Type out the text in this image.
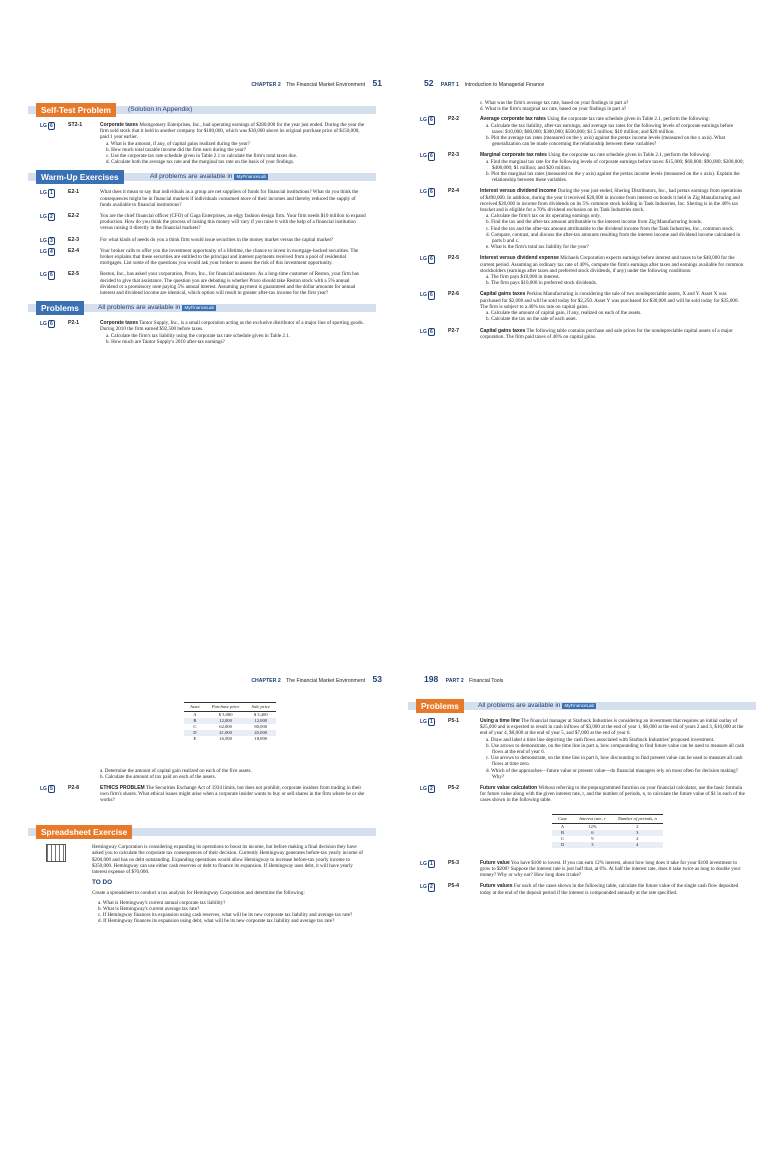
CHAPTER 2 The Financial Market Environment 51
Self-Test Problem	(Solution in Appendix)
LG 6	ST2-1	Corporate taxes Montgomery Enterprises, Inc., had operating earnings of $280,000 for the year just ended. During the year the firm sold stock that it held in another company for $180,000, which was $30,000 above its original purchase price of $150,000, paid 1 year earlier.
a. What is the amount, if any, of capital gains realized during the year?
b. How much total taxable income did the firm earn during the year?
c. Use the corporate tax rate schedule given in Table 2.1 to calculate the firm's total taxes due.
d. Calculate both the average tax rate and the marginal tax rate on the basis of your findings.
Warm-Up Exercises	All problems are available in MyFinanceLab
LG 1	E2-1	What does it mean to say that individuals as a group are net suppliers of funds for financial institutions? What do you think the consequences might be in financial markets if individuals consumed more of their incomes and thereby reduced the supply of funds available to financial institutions?
LG 2	E2-2	You are the chief financial officer (CFO) of Gaga Enterprises, an edgy fashion design firm. Your firm needs $10 million to expand production. How do you think the process of raising this money will vary if you raise it with the help of a financial institution versus raising it directly in the financial markets?
LG 3	E2-3	For what kinds of needs do you a think firm would issue securities in the money market versus the capital market?
LG 4	E2-4	Your broker calls to offer you the investment opportunity of a lifetime, the chance to invest in mortgage-backed securities. The broker explains that these securities are entitled to the principal and interest payments received from a pool of residential mortgages. List some of the questions you would ask your broker to assess the risk of this investment opportunity.
LG 6	E2-5	Reston, Inc., has asked your corporation, Pruro, Inc., for financial assistance. As a long-time customer of Reston, your firm has decided to give that assistance. The question you are debating is whether Pruro should take Reston stock with a 5% annual dividend or a promissory note paying 5% annual interest. Assuming payment is guaranteed and the dollar amounts for annual interest and dividend income are identical, which option will result in greater after-tax income for the first year?
Problems	All problems are available in MyFinanceLab
LG 6	P2-1	Corporate taxes Tantor Supply, Inc., is a small corporation acting as the exclusive distributor of a major line of sporting goods. During 2010 the firm earned $92,500 before taxes.
a. Calculate the firm's tax liability using the corporate tax rate schedule given in Table 2.1.
b. How much are Tantor Supply's 2010 after-tax earnings?
52 PART 1 Introduction to Managerial Finance
c. What was the firm's average tax rate, based on your findings in part a?
d. What is the firm's marginal tax rate, based on your findings in part a?
LG 6	P2-2	Average corporate tax rates Using the corporate tax rate schedule given in Table 2.1, perform the following:
a. Calculate the tax liability, after-tax earnings, and average tax rates for the following levels of corporate earnings before taxes: $10,000; $80,000; $300,000; $500,000; $1.5 million; $10 million; and $20 million.
b. Plot the average tax rates (measured on the y axis) against the pretax income levels (measured on the x axis). What generalization can be made concerning the relationship between these variables?
LG 6	P2-3	Marginal corporate tax rates Using the corporate tax rate schedule given in Table 2.1, perform the following:
a. Find the marginal tax rate for the following levels of corporate earnings before taxes: $15,000; $60,000; $90,000; $200,000; $400,000; $1 million; and $20 million.
b. Plot the marginal tax rates (measured on the y axis) against the pretax income levels (measured on the x axis). Explain the relationship between these variables.
LG 6	P2-4	Interest versus dividend income During the year just ended, Shering Distributors, Inc., had pretax earnings from operations of $490,000. In addition, during the year it received $20,000 in income from interest on bonds it held in Zig Manufacturing and received $20,000 in income from dividends on its 5% common stock holding in Tank Industries, Inc. Shering is in the 40% tax bracket and is eligible for a 70% dividend exclusion on its Tank Industries stock.
a. Calculate the firm's tax on its operating earnings only.
b. Find the tax and the after-tax amount attributable to the interest income from Zig Manufacturing bonds.
c. Find the tax and the after-tax amount attributable to the dividend income from the Tank Industries, Inc., common stock.
d. Compare, contrast, and discuss the after-tax amounts resulting from the interest income and dividend income calculated in parts b and c.
e. What is the firm's total tax liability for the year?
LG 6	P2-5	Interest versus dividend expense Michaels Corporation expects earnings before interest and taxes to be $40,000 for the current period. Assuming an ordinary tax rate of 40%, compute the firm's earnings after taxes and earnings available for common stockholders (earnings after taxes and preferred stock dividends, if any) under the following conditions:
a. The firm pays $10,000 in interest.
b. The firm pays $10,000 in preferred stock dividends.
LG 6	P2-6	Capital gains taxes Perkins Manufacturing is considering the sale of two nondepreciable assets, X and Y. Asset X was purchased for $2,000 and will be sold today for $2,250. Asset Y was purchased for $30,000 and will be sold today for $35,000. The firm is subject to a 40% tax rate on capital gains.
a. Calculate the amount of capital gain, if any, realized on each of the assets.
b. Calculate the tax on the sale of each asset.
LG 6	P2-7	Capital gains taxes The following table contains purchase and sale prices for the nondepreciable capital assets of a major corporation. The firm paid taxes of 40% on capital gains.
CHAPTER 2 The Financial Market Environment 53
Asset	Purchase price	Sale price
A	$ 3,000	$ 3,400
B	12,000	12,000
C	62,000	80,000
D	41,000	45,000
E	16,500	18,000
a. Determine the amount of capital gain realized on each of the five assets.
b. Calculate the amount of tax paid on each of the assets.
LG 5	P2-8	ETHICS PROBLEM The Securities Exchange Act of 1934 limits, but does not prohibit, corporate insiders from trading in their own firm's shares. What ethical issues might arise when a corporate insider wants to buy or sell shares in the firm where he or she works?
Spreadsheet Exercise
Hemingway Corporation is considering expanding its operations to boost its income, but before making a final decision they have asked you to calculate the corporate tax consequences of their decision. Currently Hemingway generates before-tax yearly income of $200,000 and has no debt outstanding. Expanding operations would allow Hemingway to increase before-tax yearly income to $350,000. Hemingway can use either cash reserves or debt to finance its expansion. If Hemingway uses debt, it will have yearly interest expense of $70,000.
TO DO
Create a spreadsheet to conduct a tax analysis for Hemingway Corporation and determine the following:
a. What is Hemingway's current annual corporate tax liability?
b. What is Hemingway's current average tax rate?
c. If Hemingway finances its expansion using cash reserves, what will be its new corporate tax liability and average tax rate?
d. If Hemingway finances its expansion using debt, what will be its new corporate tax liability and average tax rate?
198 PART 2 Financial Tools
Problems	All problems are available in MyFinanceLab
LG 1	P5-1	Using a time line The financial manager at Starbuck Industries is considering an investment that requires an initial outlay of $25,000 and is expected to result in cash inflows of $3,000 at the end of year 1, $6,000 at the end of years 2 and 3, $10,000 at the end of year 4, $8,000 at the end of year 5, and $7,000 at the end of year 6.
a. Draw and label a time line depicting the cash flows associated with Starbuck Industries' proposed investment.
b. Use arrows to demonstrate, on the time line in part a, how compounding to find future value can be used to measure all cash flows at the end of year 6.
c. Use arrows to demonstrate, on the time line in part b, how discounting to find present value can be used to measure all cash flows at time zero.
d. Which of the approaches—future value or present value—do financial managers rely on most often for decision making? Why?
LG 2	P5-2	Future value calculation Without referring to the preprogrammed function on your financial calculator, use the basic formula for future value along with the given interest rate, r, and the number of periods, n, to calculate the future value of $1 in each of the cases shown in the following table.
Case	Interest rate, r	Number of periods, n
A	12%	2
B	6	3
C	9	2
D	3	4
LG 1	P5-3	Future value You have $100 to invest. If you can earn 12% interest, about how long does it take for your $100 investment to grow to $200? Suppose the interest rate is just half that, at 6%. At half the interest rate, does it take twice as long to double your money? Why or why not? How long does it take?
LG 2	P5-4	Future values For each of the cases shown in the following table, calculate the future value of the single cash flow deposited today at the end of the deposit period if the interest is compounded annually at the rate specified.
